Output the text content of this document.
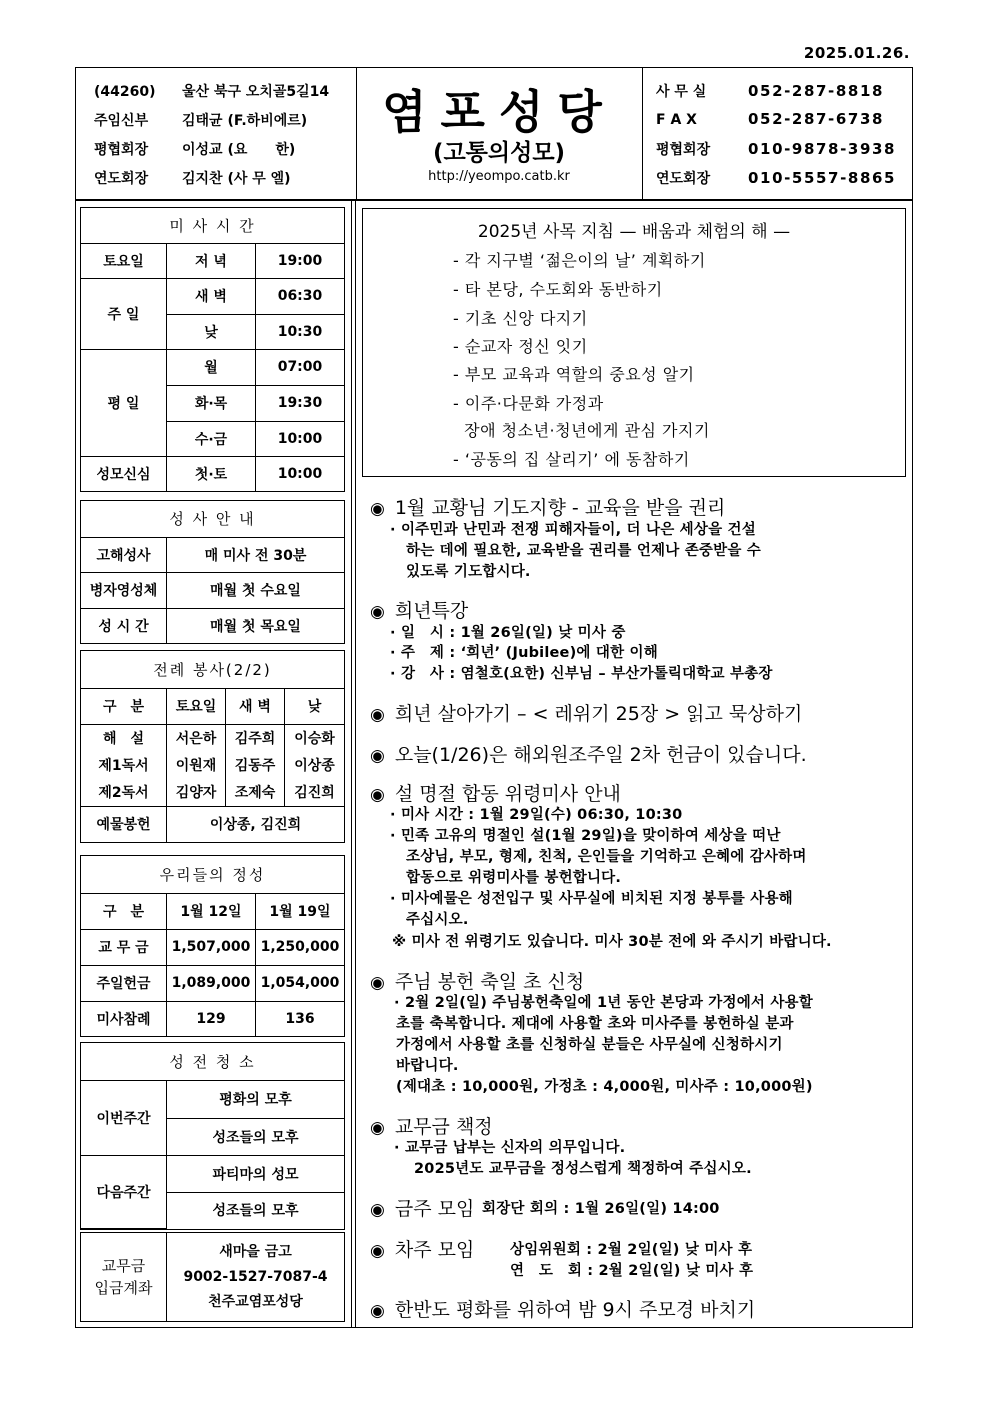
2025.01.26.
(44260) 울산 북구 오치골5길14
주임신부 김태균 (F.하비에르)
평협회장 이성교 (요　　한)
연도회장 김지찬 (사 무 엘)
염포성당
(고통의성모)
http://yeompo.catb.kr
사 무 실	052-287-8818
F A X	052-287-6738
평협회장	010-9878-3938
연도회장	010-5557-8865
미 사 시 간		
토요일	저 녁	19:00
주 일	새 벽	06:30
	낮	10:30
평 일	월	07:00
	화·목	19:30
	수·금	10:00
성모신심	첫·토	10:00
성 사 안 내	
고해성사	매 미사 전 30분
병자영성체	매월 첫 수요일
성 시 간	매월 첫 목요일
전례 봉사(2/2)			
구　분	토요일	새 벽	낮
해　설	서은하	김주희	이승화
제1독서	이원재	김동주	이상종
제2독서	김양자	조제숙	김진희
예물봉헌	이상종, 김진희		
우리들의 정성		
구　분	1월 12일	1월 19일
교 무 금	1,507,000	1,250,000
주일헌금	1,089,000	1,054,000
미사참례	129	136
성 전 청 소	
이번주간	평화의 모후
	성조들의 모후
다음주간	파티마의 성모
	성조들의 모후
교무금
입금계좌

새마을 금고
9002-1527-7087-4
천주교염포성당
2025년 사목 지침 — 배움과 체험의 해 —
- 각 지구별 ‘젊은이의 날’ 계획하기
- 타 본당, 수도회와 동반하기
- 기초 신앙 다지기
- 순교자 정신 잇기
- 부모 교육과 역할의 중요성 알기
- 이주·다문화 가정과
장애 청소년·청년에게 관심 가지기
- ‘공동의 집 살리기’ 에 동참하기
◉ 1월 교황님 기도지향 - 교육을 받을 권리
· 이주민과 난민과 전쟁 피해자들이, 더 나은 세상을 건설
하는 데에 필요한, 교육받을 권리를 언제나 존중받을 수
있도록 기도합시다.
◉ 희년특강
· 일　시 : 1월 26일(일) 낮 미사 중
· 주　제 : ‘희년’ (Jubilee)에 대한 이해
· 강　사 : 염철호(요한) 신부님 – 부산가톨릭대학교 부총장
◉ 희년 살아가기 – < 레위기 25장 > 읽고 묵상하기
◉ 오늘(1/26)은 해외원조주일 2차 헌금이 있습니다.
◉ 설 명절 합동 위령미사 안내
· 미사 시간 : 1월 29일(수) 06:30, 10:30
· 민족 고유의 명절인 설(1월 29일)을 맞이하여 세상을 떠난
조상님, 부모, 형제, 친척, 은인들을 기억하고 은혜에 감사하며
합동으로 위령미사를 봉헌합니다.
· 미사예물은 성전입구 및 사무실에 비치된 지정 봉투를 사용해
주십시오.
※ 미사 전 위령기도 있습니다. 미사 30분 전에 와 주시기 바랍니다.
◉ 주님 봉헌 축일 초 신청
· 2월 2일(일) 주님봉헌축일에 1년 동안 본당과 가정에서 사용할
초를 축복합니다. 제대에 사용할 초와 미사주를 봉헌하실 분과
가정에서 사용할 초를 신청하실 분들은 사무실에 신청하시기
바랍니다.
(제대초 : 10,000원, 가정초 : 4,000원, 미사주 : 10,000원)
◉ 교무금 책정
· 교무금 납부는 신자의 의무입니다.
2025년도 교무금을 정성스럽게 책정하여 주십시오.
◉ 금주 모임 회장단 회의 : 1월 26일(일) 14:00
◉ 차주 모임 상임위원회 : 2월 2일(일) 낮 미사 후
연　도　회 : 2월 2일(일) 낮 미사 후
◉ 한반도 평화를 위하여 밤 9시 주모경 바치기
